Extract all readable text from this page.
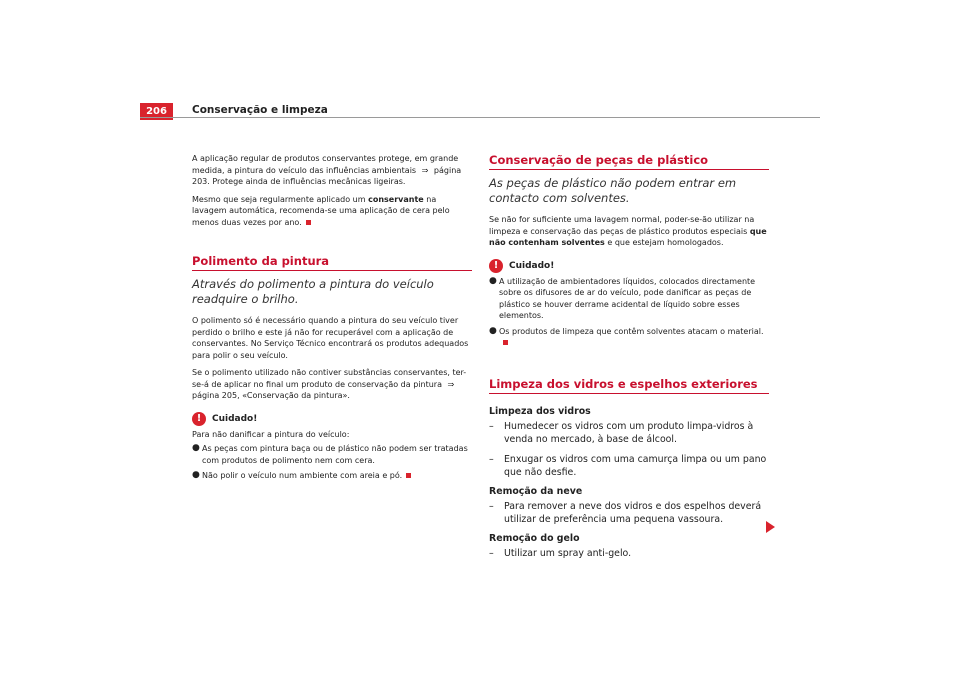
206	Conservação e limpeza

A aplicação regular de produtos conservantes protege, em grande medida, a pintura do veículo das influências ambientais ⇒ página 203. Protege ainda de influências mecânicas ligeiras.

Mesmo que seja regularmente aplicado um conservante na lavagem automática, recomenda-se uma aplicação de cera pelo menos duas vezes por ano.

Polimento da pintura
Através do polimento a pintura do veículo readquire o brilho.

O polimento só é necessário quando a pintura do seu veículo tiver perdido o brilho e este já não for recuperável com a aplicação de conservantes. No Serviço Técnico encontrará os produtos adequados para polir o seu veículo.

Se o polimento utilizado não contiver substâncias conservantes, ter-se-á de aplicar no final um produto de conservação da pintura ⇒ página 205, «Conservação da pintura».

!	Cuidado!

Para não danificar a pintura do veículo:

● As peças com pintura baça ou de plástico não podem ser tratadas com produtos de polimento nem com cera.
● Não polir o veículo num ambiente com areia e pó.
Conservação de peças de plástico
As peças de plástico não podem entrar em contacto com solventes.

Se não for suficiente uma lavagem normal, poder-se-ão utilizar na limpeza e conservação das peças de plástico produtos especiais que não contenham solventes e que estejam homologados.

!	Cuidado!
● A utilização de ambientadores líquidos, colocados directamente sobre os difusores de ar do veículo, pode danificar as peças de plástico se houver derrame acidental de líquido sobre esses elementos.
● Os produtos de limpeza que contêm solventes atacam o material.
Limpeza dos vidros e espelhos exteriores
Limpeza dos vidros
–	Humedecer os vidros com um produto limpa-vidros à venda no mercado, à base de álcool.
–	Enxugar os vidros com uma camurça limpa ou um pano que não desfie.
Remoção da neve
–	Para remover a neve dos vidros e dos espelhos deverá utilizar de preferência uma pequena vassoura.
Remoção do gelo
–	Utilizar um spray anti-gelo.
